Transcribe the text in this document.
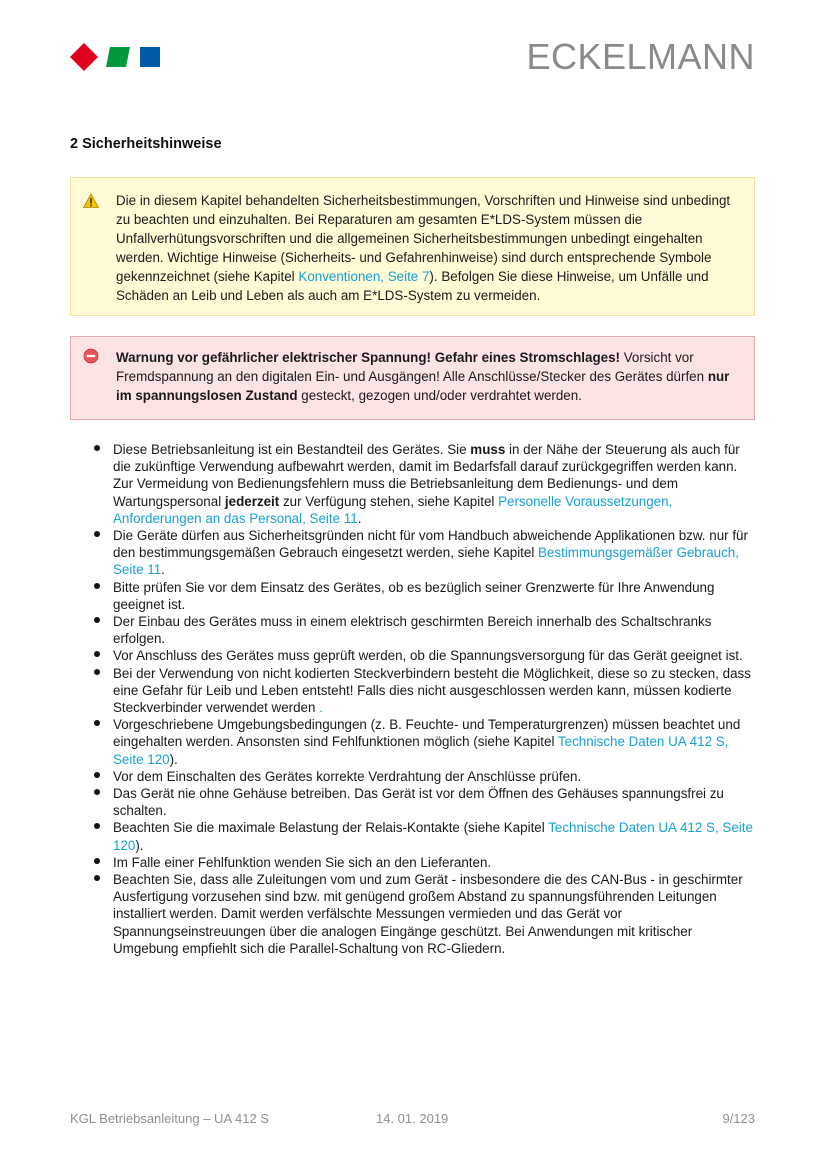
ECKELMANN
2 Sicherheitshinweise

Die in diesem Kapitel behandelten Sicherheitsbestimmungen, Vorschriften und Hinweise sind unbedingt zu beachten und einzuhalten. Bei Reparaturen am gesamten E*LDS-System müssen die Unfallverhütungsvorschriften und die allgemeinen Sicherheitsbestimmungen unbedingt eingehalten werden. Wichtige Hinweise (Sicherheits- und Gefahrenhinweise) sind durch entsprechende Symbole gekennzeichnet (siehe Kapitel Konventionen, Seite 7). Befolgen Sie diese Hinweise, um Unfälle und Schäden an Leib und Leben als auch am E*LDS-System zu vermeiden.

Warnung vor gefährlicher elektrischer Spannung! Gefahr eines Stromschlages! Vorsicht vor Fremdspannung an den digitalen Ein- und Ausgängen! Alle Anschlüsse/Stecker des Gerätes dürfen nur im spannungslosen Zustand gesteckt, gezogen und/oder verdrahtet werden.

Diese Betriebsanleitung ist ein Bestandteil des Gerätes. Sie muss in der Nähe der Steuerung als auch für die zukünftige Verwendung aufbewahrt werden, damit im Bedarfsfall darauf zurückgegriffen werden kann. Zur Vermeidung von Bedienungsfehlern muss die Betriebsanleitung dem Bedienungs- und dem Wartungspersonal jederzeit zur Verfügung stehen, siehe Kapitel Personelle Voraussetzungen, Anforderungen an das Personal, Seite 11.
Die Geräte dürfen aus Sicherheitsgründen nicht für vom Handbuch abweichende Applikationen bzw. nur für den bestimmungsgemäßen Gebrauch eingesetzt werden, siehe Kapitel Bestimmungsgemäßer Gebrauch, Seite 11.
Bitte prüfen Sie vor dem Einsatz des Gerätes, ob es bezüglich seiner Grenzwerte für Ihre Anwendung geeignet ist.
Der Einbau des Gerätes muss in einem elektrisch geschirmten Bereich innerhalb des Schaltschranks erfolgen.
Vor Anschluss des Gerätes muss geprüft werden, ob die Spannungsversorgung für das Gerät geeignet ist.
Bei der Verwendung von nicht kodierten Steckverbindern besteht die Möglichkeit, diese so zu stecken, dass eine Gefahr für Leib und Leben entsteht! Falls dies nicht ausgeschlossen werden kann, müssen kodierte Steckverbinder verwendet werden .
Vorgeschriebene Umgebungsbedingungen (z. B. Feuchte- und Temperaturgrenzen) müssen beachtet und eingehalten werden. Ansonsten sind Fehlfunktionen möglich (siehe Kapitel Technische Daten UA 412 S, Seite 120).
Vor dem Einschalten des Gerätes korrekte Verdrahtung der Anschlüsse prüfen.
Das Gerät nie ohne Gehäuse betreiben. Das Gerät ist vor dem Öffnen des Gehäuses spannungsfrei zu schalten.
Beachten Sie die maximale Belastung der Relais-Kontakte (siehe Kapitel Technische Daten UA 412 S, Seite 120).
Im Falle einer Fehlfunktion wenden Sie sich an den Lieferanten.
Beachten Sie, dass alle Zuleitungen vom und zum Gerät - insbesondere die des CAN-Bus - in geschirmter Ausfertigung vorzusehen sind bzw. mit genügend großem Abstand zu spannungsführenden Leitungen installiert werden. Damit werden verfälschte Messungen vermieden und das Gerät vor Spannungseinstreuungen über die analogen Eingänge geschützt. Bei Anwendungen mit kritischer Umgebung empfiehlt sich die Parallel-Schaltung von RC-Gliedern.
KGL Betriebsanleitung – UA 412 S	14. 01. 2019	9/123
